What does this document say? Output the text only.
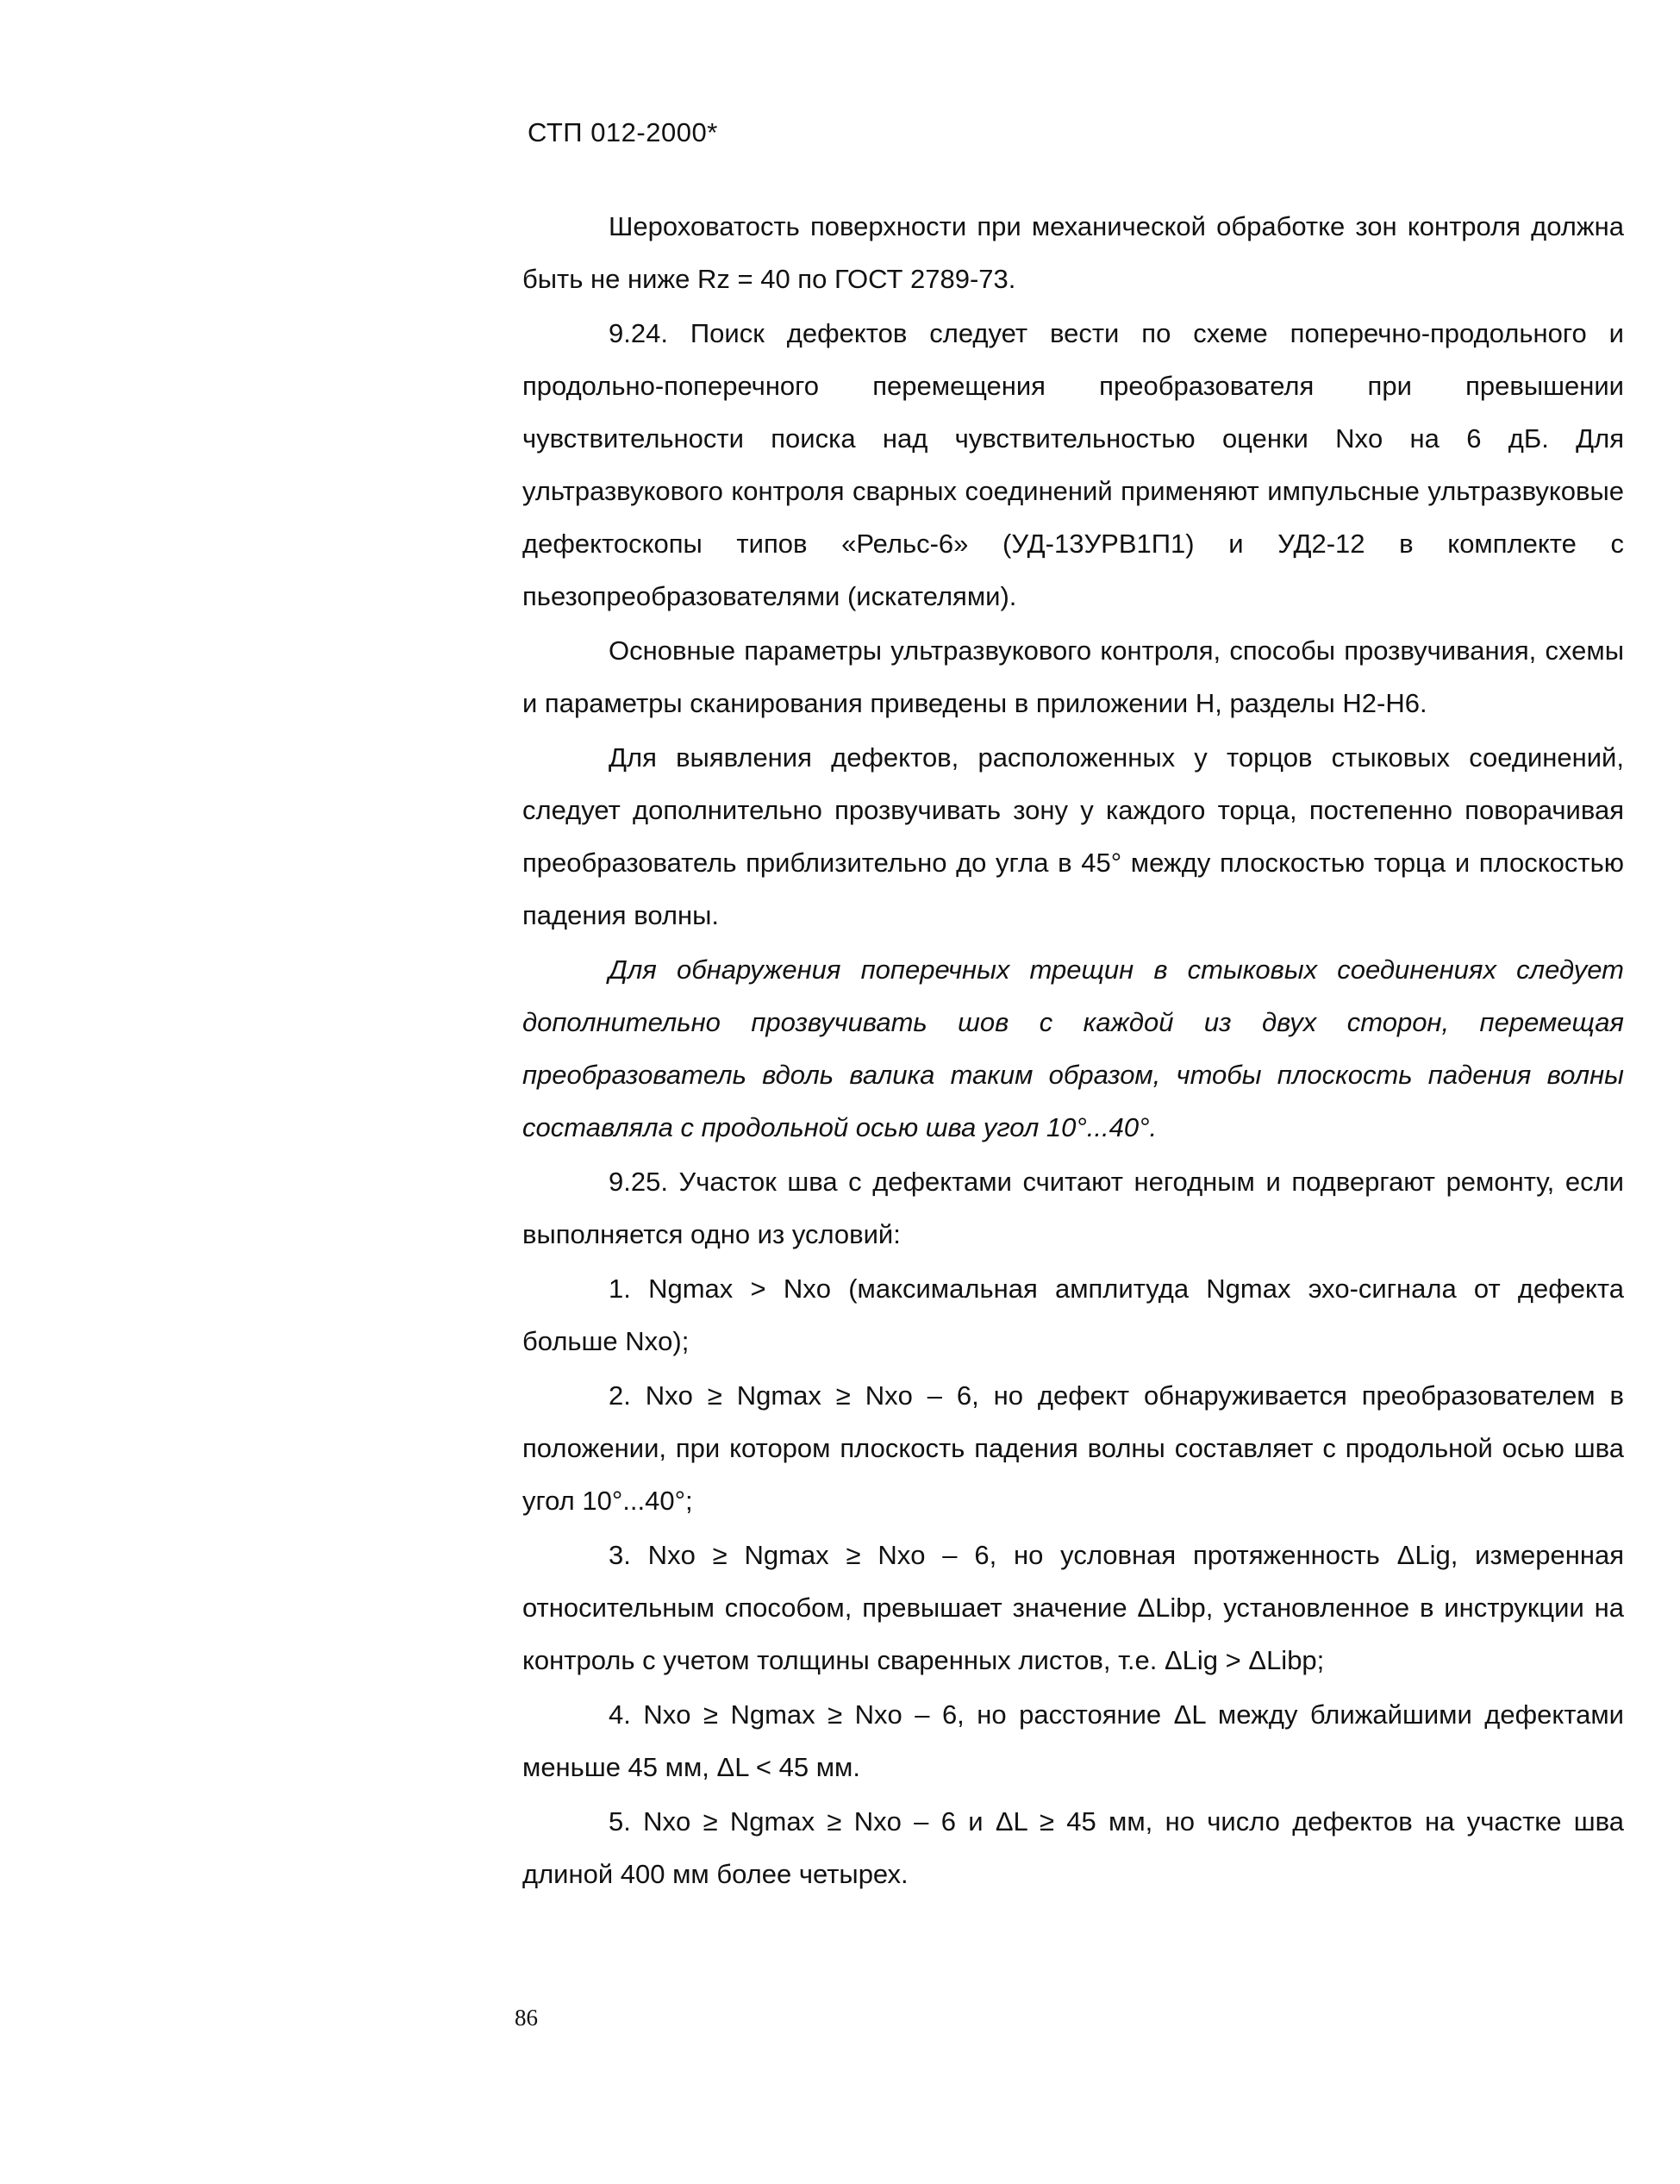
СТП 012-2000*

Шероховатость поверхности при механической обработке зон контроля должна быть не ниже Rz = 40 по ГОСТ 2789-73.

9.24. Поиск дефектов следует вести по схеме поперечно-продольного и продольно-поперечного перемещения преобразователя при превышении чувствительности поиска над чувствительностью оценки Nxo на 6 дБ. Для ультразвукового контроля сварных соединений применяют импульсные ультразвуковые дефектоскопы типов «Рельс-6» (УД-13УРВ1П1) и УД2-12 в комплекте с пьезопреобразователями (искателями).

Основные параметры ультразвукового контроля, способы прозвучивания, схемы и параметры сканирования приведены в приложении Н, разделы Н2-Н6.

Для выявления дефектов, расположенных у торцов стыковых соединений, следует дополнительно прозвучивать зону у каждого торца, постепенно поворачивая преобразователь приблизительно до угла в 45° между плоскостью торца и плоскостью падения волны.

Для обнаружения поперечных трещин в стыковых соединениях следует дополнительно прозвучивать шов с каждой из двух сторон, перемещая преобразователь вдоль валика таким образом, чтобы плоскость падения волны составляла с продольной осью шва угол 10°...40°.

9.25. Участок шва с дефектами считают негодным и подвергают ремонту, если выполняется одно из условий:

1. Ngmax > Nxo (максимальная амплитуда Ngmax эхо-сигнала от дефекта больше Nxo);

2. Nxo ≥ Ngmax ≥ Nxo – 6, но дефект обнаруживается преобразователем в положении, при котором плоскость падения волны составляет с продольной осью шва угол 10°...40°;

3. Nxo ≥ Ngmax ≥ Nxo – 6, но условная протяженность ΔLig, измеренная относительным способом, превышает значение ΔLibp, установленное в инструкции на контроль с учетом толщины сваренных листов, т.е. ΔLig > ΔLibp;

4. Nxo ≥ Ngmax ≥ Nxo – 6, но расстояние ΔL между ближайшими дефектами меньше 45 мм, ΔL < 45 мм.

5. Nxo ≥ Ngmax ≥ Nxo – 6 и ΔL ≥ 45 мм, но число дефектов на участке шва длиной 400 мм более четырех.

86
